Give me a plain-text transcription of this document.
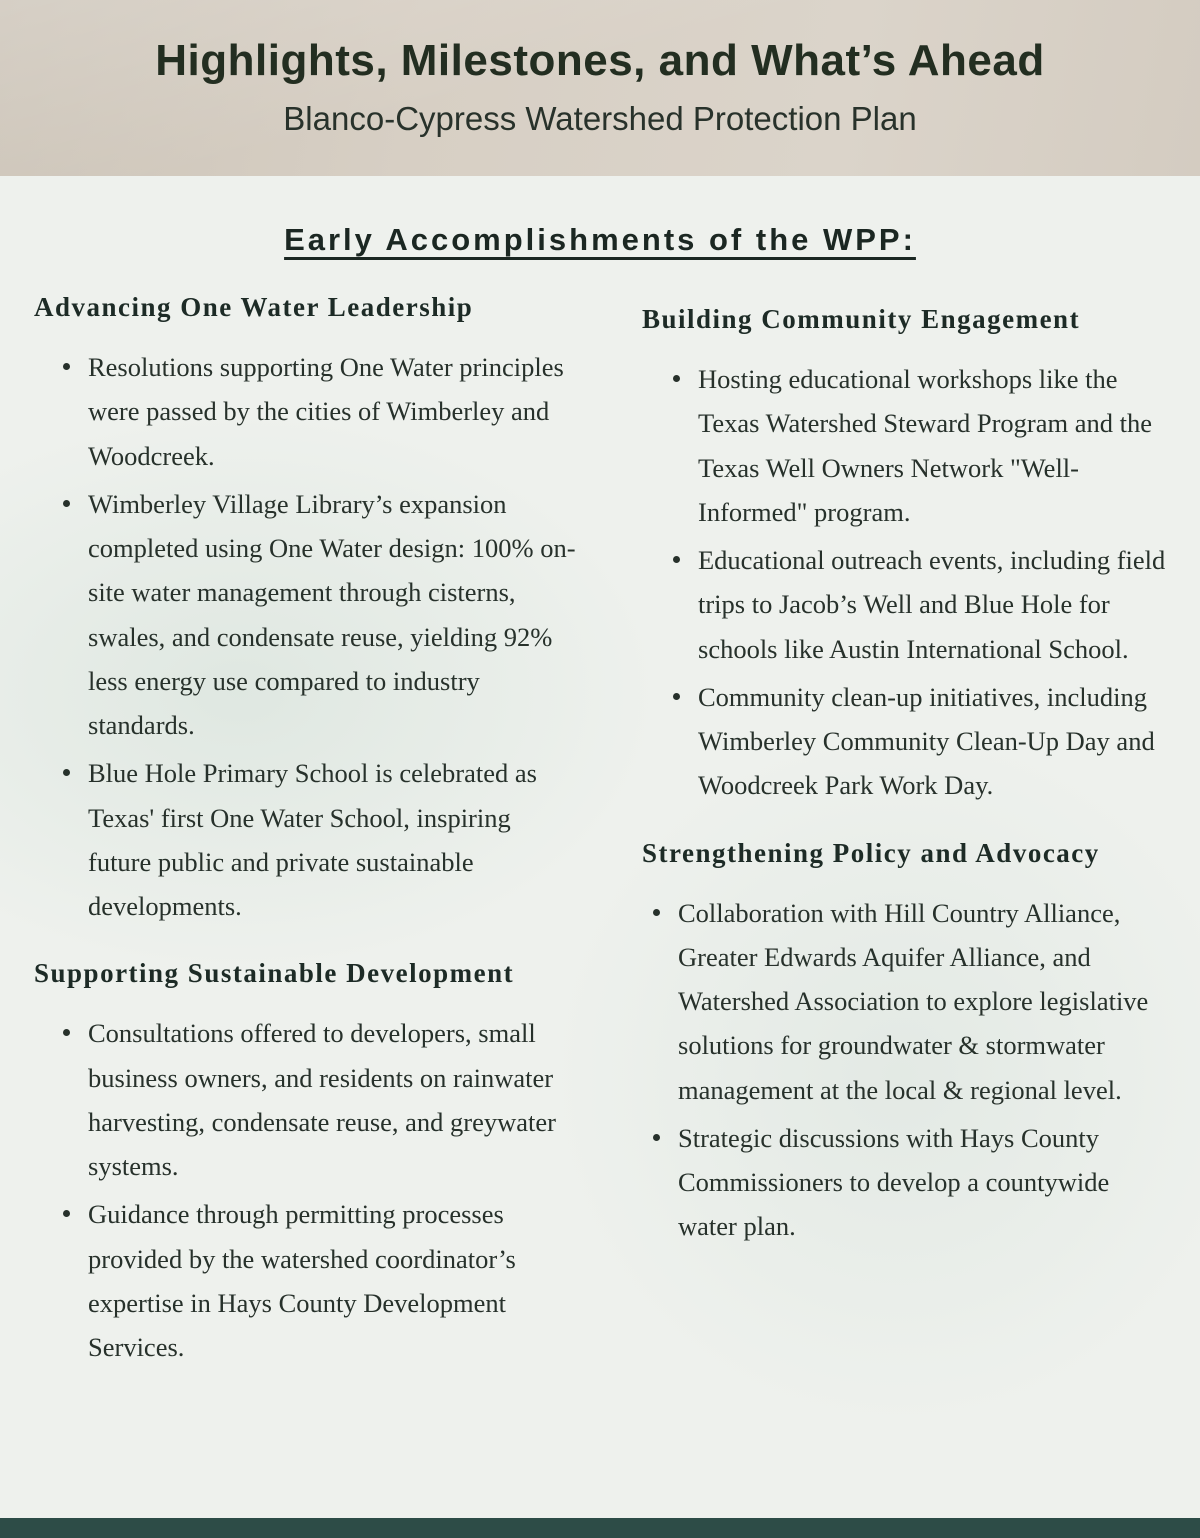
Highlights, Milestones, and What’s Ahead
Blanco-Cypress Watershed Protection Plan
Early Accomplishments of the WPP:
Advancing One Water Leadership
Resolutions supporting One Water principles were passed by the cities of Wimberley and Woodcreek.
Wimberley Village Library’s expansion completed using One Water design: 100% on-site water management through cisterns, swales, and condensate reuse, yielding 92% less energy use compared to industry standards.
Blue Hole Primary School is celebrated as Texas' first One Water School, inspiring future public and private sustainable developments.
Supporting Sustainable Development
Consultations offered to developers, small business owners, and residents on rainwater harvesting, condensate reuse, and greywater systems.
Guidance through permitting processes provided by the watershed coordinator’s expertise in Hays County Development Services.
Building Community Engagement
Hosting educational workshops like the Texas Watershed Steward Program and the Texas Well Owners Network "Well-Informed" program.
Educational outreach events, including field trips to Jacob’s Well and Blue Hole for schools like Austin International School.
Community clean-up initiatives, including Wimberley Community Clean-Up Day and Woodcreek Park Work Day.
Strengthening Policy and Advocacy
Collaboration with Hill Country Alliance, Greater Edwards Aquifer Alliance, and Watershed Association to explore legislative solutions for groundwater & stormwater management at the local & regional level.
Strategic discussions with Hays County Commissioners to develop a countywide water plan.
